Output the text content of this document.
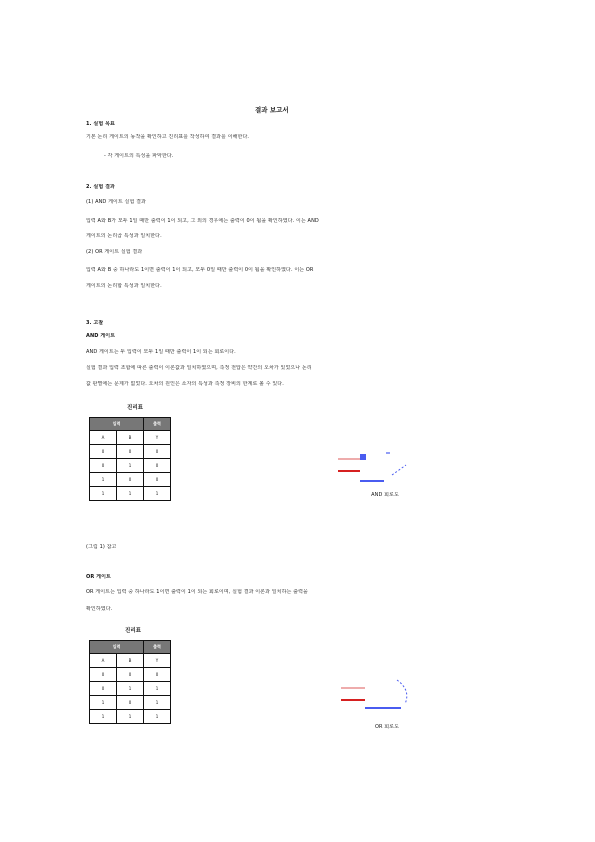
결과 보고서
1. 실험 목표
기본 논리 게이트의 동작을 확인하고 진리표를 작성하여 결과를 이해한다.
- 각 게이트의 특성을 파악한다.
2. 실험 결과
(1) AND 게이트 실험 결과
입력 A와 B가 모두 1일 때만 출력이 1이 되고, 그 외의 경우에는 출력이 0이 됨을 확인하였다. 이는 AND
게이트의 논리곱 특성과 일치한다.
(2) OR 게이트 실험 결과
입력 A와 B 중 하나라도 1이면 출력이 1이 되고, 모두 0일 때만 출력이 0이 됨을 확인하였다. 이는 OR
게이트의 논리합 특성과 일치한다.
3. 고찰
AND 게이트
AND 게이트는 두 입력이 모두 1일 때만 출력이 1이 되는 회로이다.
실험 결과 입력 조합에 따른 출력이 이론값과 일치하였으며, 측정 전압은 약간의 오차가 있었으나 논리
값 판별에는 문제가 없었다. 오차의 원인은 소자의 특성과 측정 장비의 한계로 볼 수 있다.
진리표
입력		출력
A	B	Y
0	0	0
0	1	0
1	0	0
1	1	1	AND 회로도
(그림 1) 참고
OR 게이트
OR 게이트는 입력 중 하나라도 1이면 출력이 1이 되는 회로이며, 실험 결과 이론과 일치하는 출력을
확인하였다.
진리표
입력		출력
A	B	Y
0	0	0
0	1	1
1	0	1
1	1	1
OR 회로도
